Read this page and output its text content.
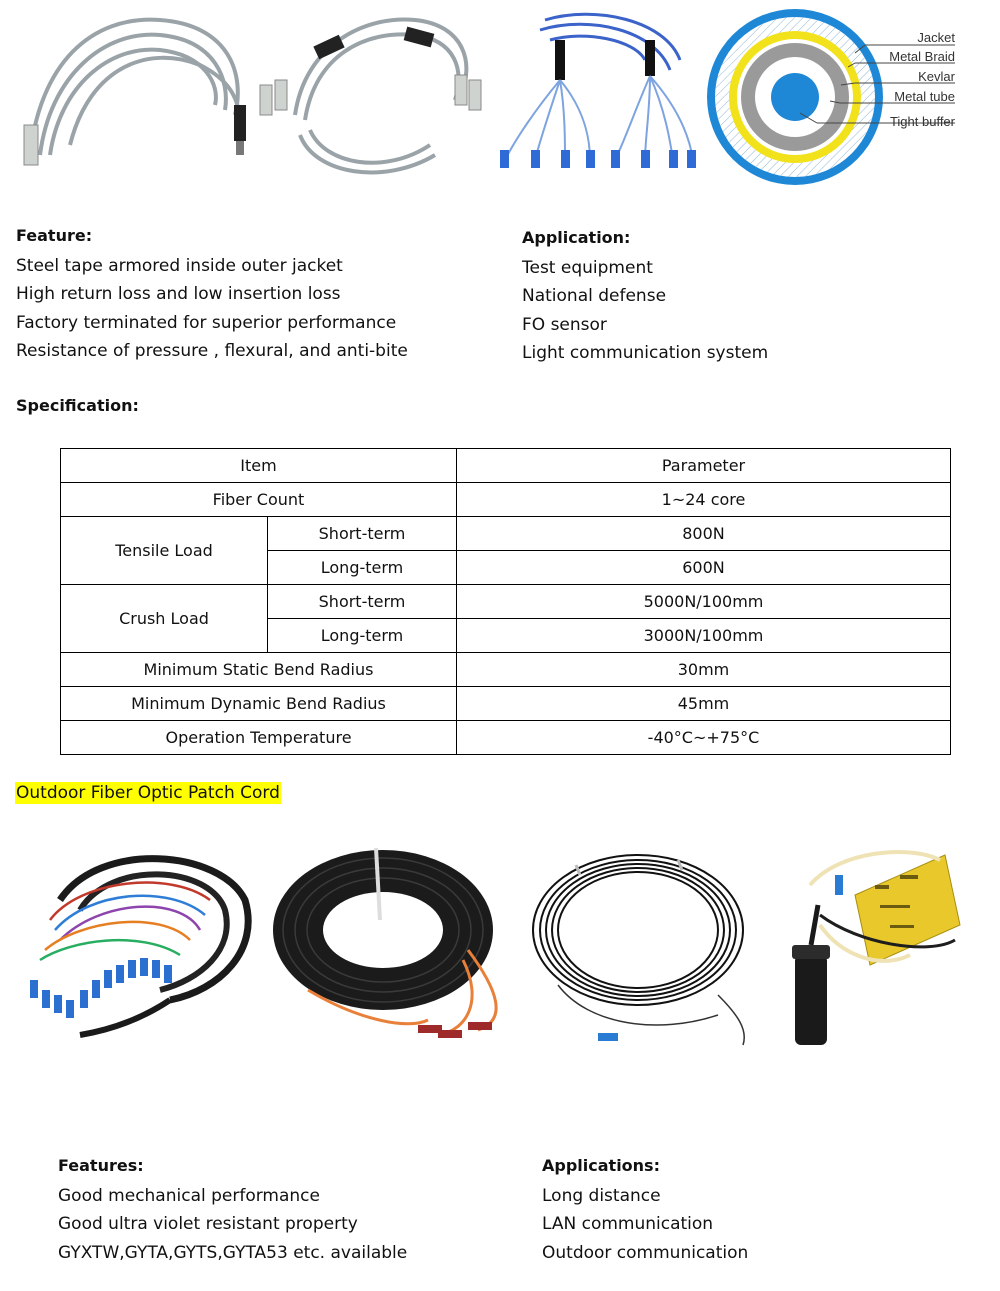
Jacket
Metal Braid
Kevlar
Metal tube
Tight buffer
Feature:
Steel tape armored inside outer jacket
High return loss and low insertion loss
Factory terminated for superior performance
Resistance of pressure , flexural, and anti-bite
Application:
Test equipment
National defense
FO sensor
Light communication system
Specification:
Item		Parameter
Fiber Count		1~24 core
Tensile Load	Short-term	800N
	Long-term	600N
Crush Load	Short-term	5000N/100mm
	Long-term	3000N/100mm
Minimum Static Bend Radius		30mm
Minimum Dynamic Bend Radius		45mm
Operation Temperature		-40°C~+75°C
Outdoor Fiber Optic Patch Cord
Features:
Good mechanical performance
Good ultra violet resistant property
GYXTW,GYTA,GYTS,GYTA53 etc. available
Applications:
Long distance
LAN communication
Outdoor communication
